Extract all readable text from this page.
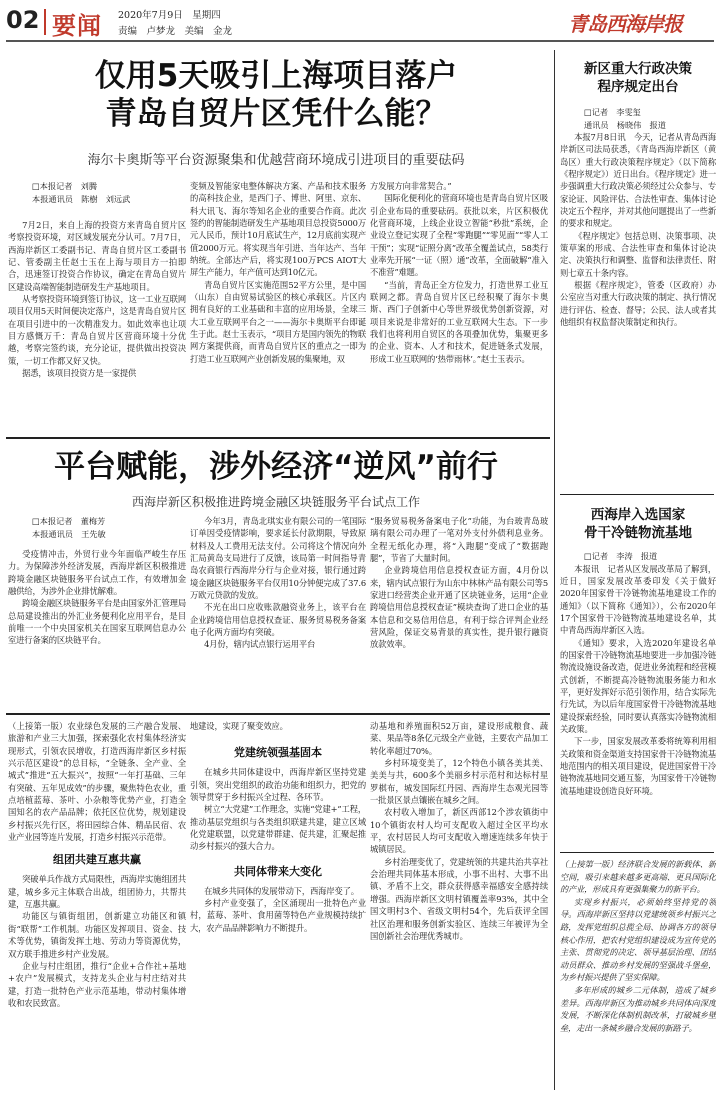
02 要闻 2020年7月9日　星期四
责编　卢梦龙　美编　金龙	青岛西海岸报
仅用5天吸引上海项目落户
青岛自贸片区凭什么能？
海尔卡奥斯等平台资源聚集和优越营商环境成引进项目的重要砝码
□本报记者　刘腾
本报通讯员　陈樹　刘远武

7月2日，来自上海的投资方来青岛自贸片区考察投资环境，对区域发展充分认可。7月7日，西海岸新区工委副书记、青岛自贸片区工委副书记、管委副主任赵士玉在上海与项目方一拍即合，迅速签订投资合作协议，确定在青岛自贸片区建设高端智能制造研发生产基地项目。

从考察投资环境到签订协议，这一工业互联网项目仅用5天时间便决定落户，这是青岛自贸片区在项目引进中的一次精准发力。如此效率也让项目方感慨万千：青岛自贸片区营商环境十分优越，考察完签约谈，充分论证，提供做出投资决策，一切工作都又好又快。

据悉，该项目投资方是一家提供

变频及智能家电整体解决方案、产品和技术服务的高科技企业，是西门子、博世、阿里、京东、科大讯飞、海尔等知名企业的重要合作商。此次签约的智能制造研发生产基地项目总投资5000万元人民币，预计10月底试生产，12月底前实现产值2000万元。将实现当年引进、当年达产、当年纳统。全部达产后，将实现100万PCS AIOT大屏生产能力，年产值可达到10亿元。

青岛自贸片区实施范围52平方公里，是中国（山东）自由贸易试验区的核心承载区。片区内拥有良好的工业基础和丰富的应用场景，全球三大工业互联网平台之一——海尔卡奥斯平台即诞生于此。赵士玉表示，“项目方是国内领先的物联网方案提供商，而青岛自贸片区的重点之一即为打造工业互联网产业创新发展的集聚地，双

方发展方向非常契合。”

国际化便利化的营商环境也是青岛自贸片区吸引企业布局的重要砝码。获批以来，片区积极优化营商环境，上线企业设立智能“秒批”系统，企业设立登记实现了全程“零跑腿”“零见面”“零人工干预”；实现“证照分离”改革全覆盖试点，58类行业率先开展“一证（照）通”改革，全面破解“准入不准营”难题。

“当前，青岛正全方位发力，打造世界工业互联网之都。青岛自贸片区已经积聚了海尔卡奥斯、西门子创新中心等世界级优势创新资源，对项目来说是非常好的工业互联网大生态。下一步我们也将利用自贸区的各项叠加优势，集聚更多的企业、资本、人才和技术，促进链条式发展，形成工业互联网的‘热带雨林’。”赵士玉表示。

平台赋能，涉外经济“逆风”前行
西海岸新区积极推进跨境金融区块链服务平台试点工作
□本报记者　董梅芳
本报通讯员　王先敏

受疫情冲击，外贸行业今年面临严峻生存压力。为保障涉外经济发展，西海岸新区积极推进跨境金融区块链服务平台试点工作，有效增加金融供给，为涉外企业排忧解难。

跨境金融区块链服务平台是由国家外汇管理局总局建设推出的外汇业务便利化应用平台，是目前唯一一个中央国家机关在国家互联网信息办公室进行备案的区块链平台。

今年3月，青岛北琪实业有限公司的一笔国际订单因受疫情影响，要求延长付款期限，导致原材料及人工费用无法支付。公司将这个情况向外汇局黄岛支局进行了反馈，该局第一时间指导青岛农商银行西海岸分行与企业对接，银行通过跨境金融区块链服务平台仅用10分钟便完成了37.6万欧元贷款的发放。

不光在出口应收账款融资业务上，该平台在企业跨境信用信息授权查证、服务贸易税务备案电子化两方面均有突破。

4月份，辖内试点银行运用平台

“服务贸易税务备案电子化”功能，为台玻青岛玻璃有限公司办理了一笔对外支付外债利息业务。全程无纸化办理，将“入跑腿”变成了“数据跑腿”，节省了大量时间。

企业跨境信用信息授权查证方面，4月份以来，辖内试点银行为山东中林林产品有限公司等5家进口经营类企业开通了区块链业务，运用“企业跨境信用信息授权查证”模块查询了进口企业的基本信息和交易信用信息，有利于综合评判企业经营风险，保证交易背景的真实性，提升银行融资放款效率。

（上接第一版）农业绿色发展的三产融合发展、旅游和产业三大加强，探索强化农村集体经济实现形式，引领农民增收，打造西海岸新区乡村振兴示范区建设”的总目标，“全链条、全产业、全城式”推进“五大振兴”，按照“一年打基础、三年有突破、五年见成效”的步骤，聚焦特色农业，重点培植蓝莓、茶叶、小杂粮等优势产业，打造全国知名的农产品品牌；依托区位优势，规划建设乡村振兴先行区，将田园综合体、精品民宿、农业产业园等连片发展，打造乡村振兴示范带。

组团共建互惠共赢

突破单兵作战方式局限性，西海岸实施组团共建，城乡多元主体联合出战，组团协力，共帮共建，互惠共赢。

功能区与镇街组团，创新建立功能区和镇街“联帮”工作机制。功能区发挥项目、资金、技术等优势，镇街发挥土地、劳动力等资源优势，双方联手推进乡村产业发展。

企业与村庄组团，推行“企业+合作社+基地+农户”发展模式，支持龙头企业与村庄结对共建，打造一批特色产业示范基地，带动村集体增收和农民致富。

地建设，实现了聚变效应。

党建统领强基固本

在城乡共同体建设中，西海岸新区坚持党建引领，突出党组织的政治功能和组织力，把党的领导贯穿于乡村振兴全过程、各环节。

树立“大党建”工作理念，实施“党建+”工程，推动基层党组织与各类组织联建共建，建立区域化党建联盟，以党建带群建、促共建，汇聚起推动乡村振兴的强大合力。

共同体带来大变化

在城乡共同体的发展带动下，西海岸变了。

乡村产业变强了，全区涌现出一批特色产业村，蓝莓、茶叶、食用菌等特色产业规模持续扩大，农产品品牌影响力不断提升。

动基地和养殖面积52万亩，建设形成粮食、蔬菜、果品等8条亿元级全产业链，主要农产品加工转化率超过70%。

乡村环境变美了，12个特色小镇各美其美、美美与共，600多个美丽乡村示范村和达标村星罗棋布，城发国际红丹园、西海岸生态观光园等一批景区景点镶嵌在城乡之间。

农村收入增加了，新区西部12个涉农镇街中10个镇街农村人均可支配收入超过全区平均水平，农村居民人均可支配收入增速连续多年快于城镇居民。

乡村治理变优了，党建统领的共建共治共享社会治理共同体基本形成，小事不出村、大事不出镇、矛盾不上交，群众获得感幸福感安全感持续增强。西海岸新区文明村镇覆盖率93%，其中全国文明村3个、省级文明村54个，先后获评全国社区治理和服务创新实验区、连续三年被评为全国创新社会治理优秀城市。

新区重大行政决策
程序规定出台
□记者　李雯玺
通讯员　杨晓伟　报道

本报7月8日讯　今天，记者从青岛西海岸新区司法局获悉，《青岛西海岸新区（黄岛区）重大行政决策程序规定》（以下简称《程序规定》）近日出台。《程序规定》进一步强调重大行政决策必须经过公众参与、专家论证、风险评估、合法性审查、集体讨论决定五个程序，并对其他问题提出了一些新的要求和规定。

《程序规定》包括总则、决策事项、决策草案的形成、合法性审查和集体讨论决定、决策执行和调整、监督和法律责任、附则七章五十条内容。

根据《程序规定》，管委（区政府）办公室应当对重大行政决策的制定、执行情况进行评估、检查、督导；公民、法人或者其他组织有权监督决策制定和执行。

西海岸入选国家
骨干冷链物流基地
□记者　李涛　报道

本报讯　记者从区发展改革局了解到，近日，国家发展改革委印发《关于做好2020年国家骨干冷链物流基地建设工作的通知》（以下简称《通知》），公布2020年17个国家骨干冷链物流基地建设名单，其中青岛西海岸新区入选。

《通知》要求，入选2020年建设名单的国家骨干冷链物流基地要进一步加强冷链物流设施设备改造，促进业务流程和经营模式创新，不断提高冷链物流服务能力和水平，更好发挥好示范引领作用，结合实际先行先试，为以后年度国家骨干冷链物流基地建设探索经验，同时要认真落实冷链物流相关政策。

下一步，国家发展改革委将统筹利用相关政策和资金渠道支持国家骨干冷链物流基地范围内的相关项目建设，促进国家骨干冷链物流基地同交通互鉴，为国家骨干冷链物流基地建设创造良好环境。

（上接第一版）经济联合发展的新载体、新空间，吸引来越来越多更高端、更具国际化的产业，形成具有更强集聚力的新平台。

实现乡村振兴，必须始终坚持党的领导。西海岸新区坚持以党建统领乡村振兴之路，发挥党组织总揽全局、协调各方的领导核心作用，把农村党组织建设成为宣传党的主张、贯彻党的决定、领导基层治理、团结动员群众、推动乡村发展的坚强战斗堡垒，为乡村振兴提供了坚实保障。

多年形成的城乡二元体制，造成了城乡差异。西海岸新区为推动城乡共同体向深度发展，不断深化体制机制改革，打破城乡壁垒，走出一条城乡融合发展的新路子。
